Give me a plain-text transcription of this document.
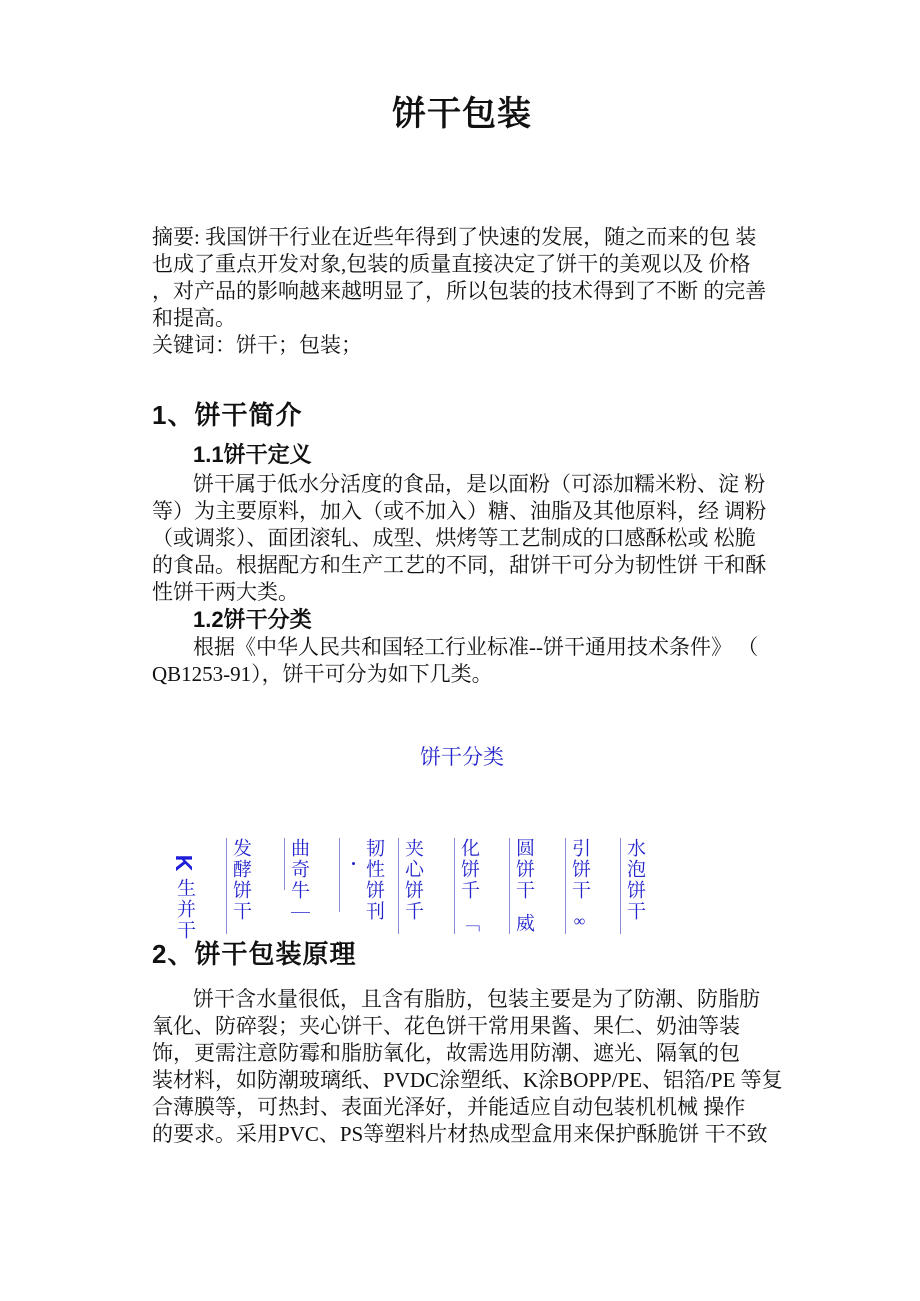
饼干包装
摘要: 我国饼干行业在近些年得到了快速的发展，随之而来的包 装
也成了重点开发对象,包装的质量直接决定了饼干的美观以及 价格
，对产品的影响越来越明显了，所以包装的技术得到了不断 的完善
和提高。
关键词：饼干；包装；
1、饼干简介
1.1饼干定义
饼干属于低水分活度的食品，是以面粉（可添加糯米粉、淀 粉
等）为主要原料，加入（或不加入）糖、油脂及其他原料，经 调粉
（或调浆）、面团滚轧、成型、烘烤等工艺制成的口感酥松或 松脆
的食品。根据配方和生产工艺的不同，甜饼干可分为韧性饼 干和酥
性饼干两大类。
1.2饼干分类
根据《中华人民共和国轻工行业标准--饼干通用技术条件》 （
QB1253-91），饼干可分为如下几类。
饼干分类
K生并干 发酵饼干 曲奇牛｜	韧性饼刊•	夹心饼千 化饼千「
圆饼干威
引饼干∞
水泡饼干
2、饼干包装原理
饼干含水量很低，且含有脂肪，包装主要是为了防潮、防脂肪
氧化、防碎裂；夹心饼干、花色饼干常用果酱、果仁、奶油等装
饰，更需注意防霉和脂肪氧化，故需选用防潮、遮光、隔氧的包
装材料，如防潮玻璃纸、PVDC涂塑纸、K涂BOPP/PE、铝箔/PE 等复
合薄膜等，可热封、表面光泽好，并能适应自动包装机机械 操作
的要求。采用PVC、PS等塑料片材热成型盒用来保护酥脆饼 干不致
